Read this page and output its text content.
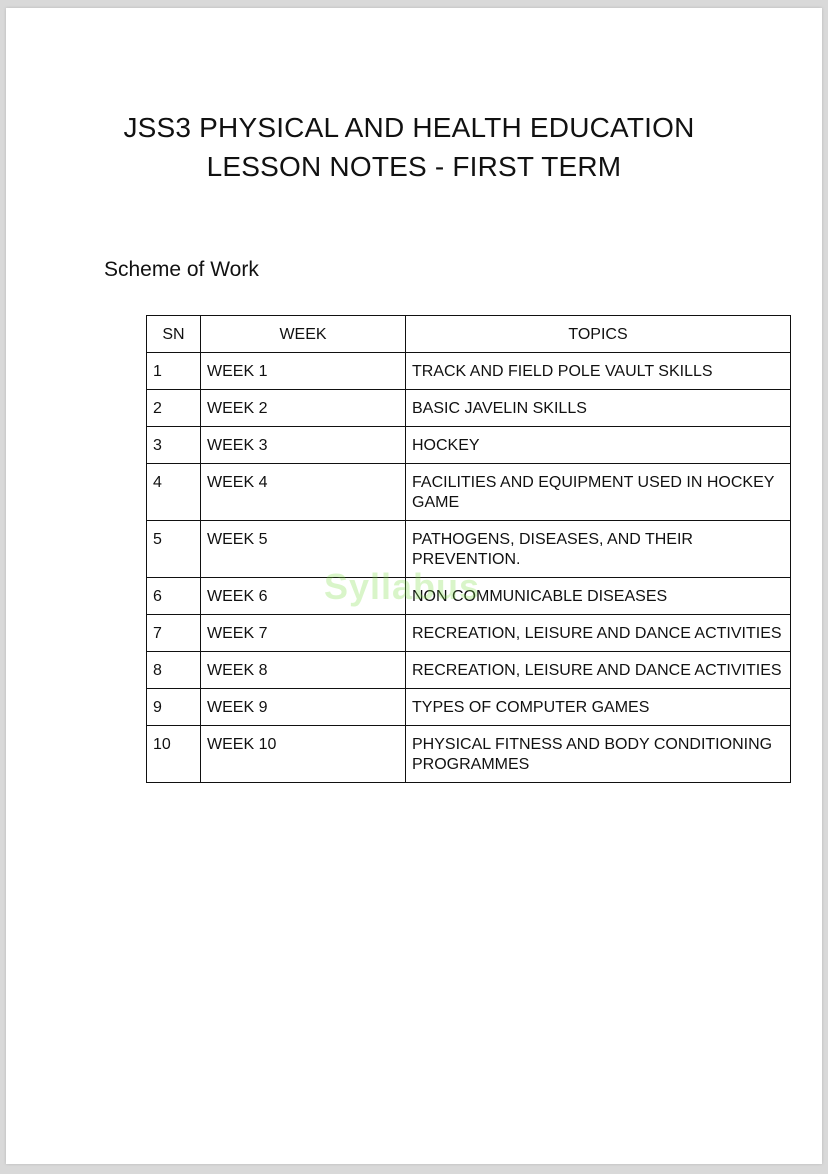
JSS3 PHYSICAL AND HEALTH EDUCATION
LESSON NOTES - FIRST TERM
Scheme of Work
SN	WEEK	TOPICS
1	WEEK 1	TRACK AND FIELD POLE VAULT SKILLS
2	WEEK 2	BASIC JAVELIN SKILLS
3	WEEK 3	HOCKEY
4	WEEK 4	FACILITIES AND EQUIPMENT USED IN HOCKEY GAME
5	WEEK 5	PATHOGENS, DISEASES, AND THEIR PREVENTION.
6	WEEK 6	NON COMMUNICABLE DISEASES
7	WEEK 7	RECREATION, LEISURE AND DANCE ACTIVITIES
8	WEEK 8	RECREATION, LEISURE AND DANCE ACTIVITIES
9	WEEK 9	TYPES OF COMPUTER GAMES
10	WEEK 10	PHYSICAL FITNESS AND BODY CONDITIONING PROGRAMMES
Syllabus
